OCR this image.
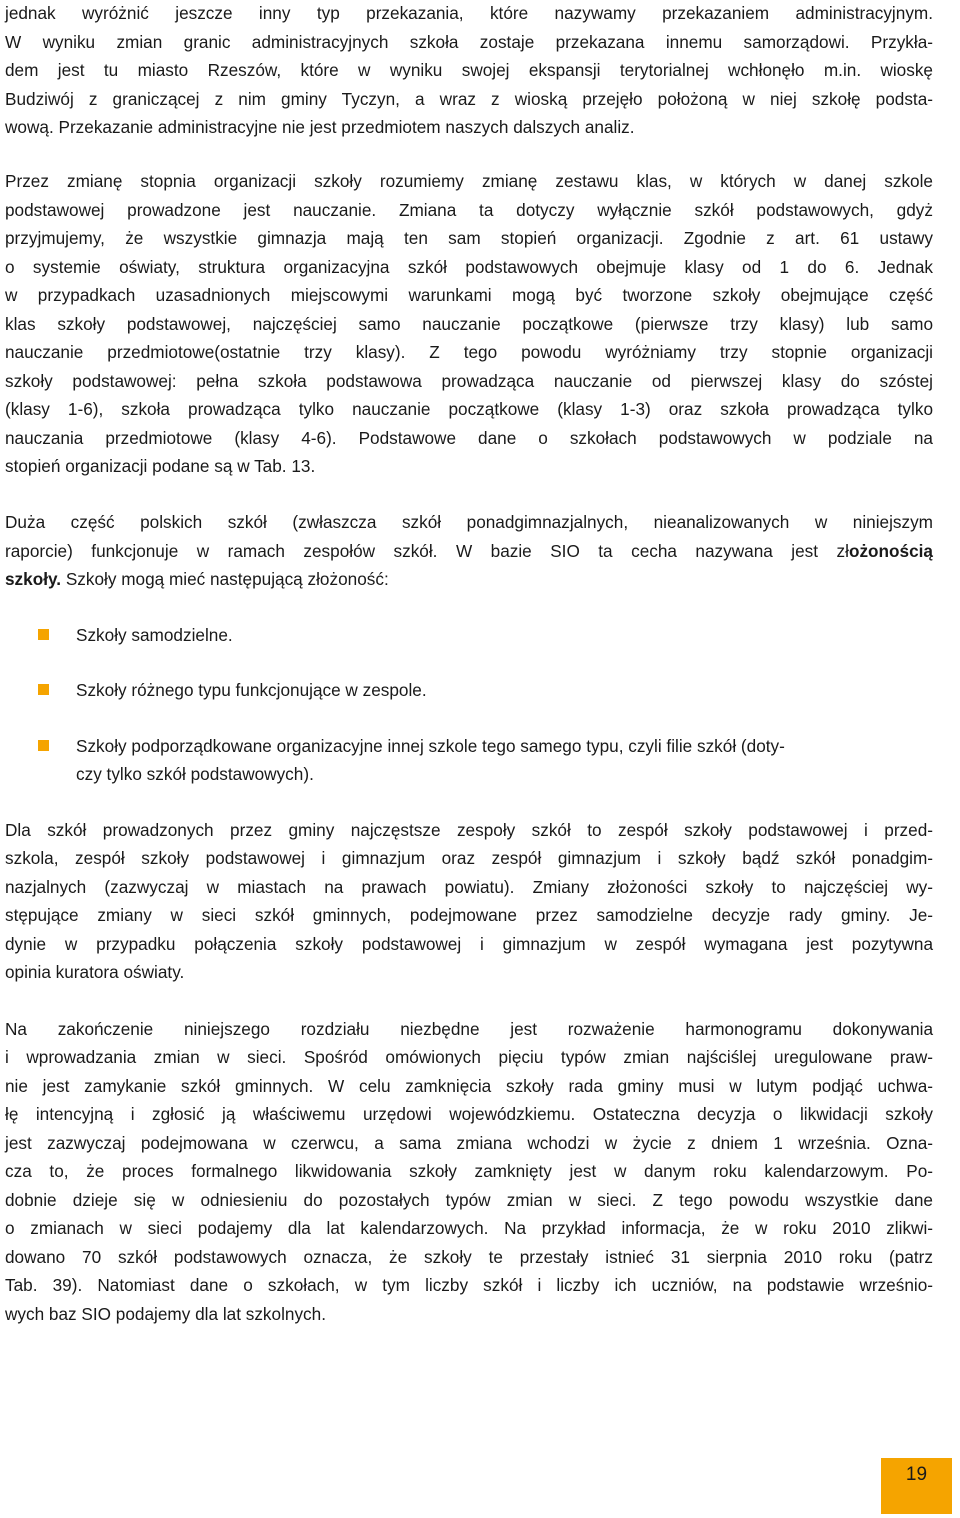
jednak wyróżnić jeszcze inny typ przekazania, które nazywamy przekazaniem administracyjnym.
W wyniku zmian granic administracyjnych szkoła zostaje przekazana innemu samorządowi. Przykła-
dem jest tu miasto Rzeszów, które w wyniku swojej ekspansji terytorialnej wchłonęło m.in. wioskę
Budziwój z graniczącej z nim gminy Tyczyn, a wraz z wioską przejęło położoną w niej szkołę podsta-
wową. Przekazanie administracyjne nie jest przedmiotem naszych dalszych analiz.
Przez zmianę stopnia organizacji szkoły rozumiemy zmianę zestawu klas, w których w danej szkole
podstawowej prowadzone jest nauczanie. Zmiana ta dotyczy wyłącznie szkół podstawowych, gdyż
przyjmujemy, że wszystkie gimnazja mają ten sam stopień organizacji. Zgodnie z art. 61 ustawy
o systemie oświaty, struktura organizacyjna szkół podstawowych obejmuje klasy od 1 do 6. Jednak
w przypadkach uzasadnionych miejscowymi warunkami mogą być tworzone szkoły obejmujące część
klas szkoły podstawowej, najczęściej samo nauczanie początkowe (pierwsze trzy klasy) lub samo
nauczanie przedmiotowe(ostatnie trzy klasy). Z tego powodu wyróżniamy trzy stopnie organizacji
szkoły podstawowej: pełna szkoła podstawowa prowadząca nauczanie od pierwszej klasy do szóstej
(klasy 1-6), szkoła prowadząca tylko nauczanie początkowe (klasy 1-3) oraz szkoła prowadząca tylko
nauczania przedmiotowe (klasy 4-6). Podstawowe dane o szkołach podstawowych w podziale na
stopień organizacji podane są w Tab. 13.
Duża część polskich szkół (zwłaszcza szkół ponadgimnazjalnych, nieanalizowanych w niniejszym
raporcie) funkcjonuje w ramach zespołów szkół. W bazie SIO ta cecha nazywana jest złożonością
szkoły. Szkoły mogą mieć następującą złożoność:
Szkoły samodzielne.
Szkoły różnego typu funkcjonujące w zespole.
Szkoły podporządkowane organizacyjne innej szkole tego samego typu, czyli filie szkół (doty-
czy tylko szkół podstawowych).
Dla szkół prowadzonych przez gminy najczęstsze zespoły szkół to zespół szkoły podstawowej i przed-
szkola, zespół szkoły podstawowej i gimnazjum oraz zespół gimnazjum i szkoły bądź szkół ponadgim-
nazjalnych (zazwyczaj w miastach na prawach powiatu). Zmiany złożoności szkoły to najczęściej wy-
stępujące zmiany w sieci szkół gminnych, podejmowane przez samodzielne decyzje rady gminy. Je-
dynie w przypadku połączenia szkoły podstawowej i gimnazjum w zespół wymagana jest pozytywna
opinia kuratora oświaty.
Na zakończenie niniejszego rozdziału niezbędne jest rozważenie harmonogramu dokonywania
i wprowadzania zmian w sieci. Spośród omówionych pięciu typów zmian najściślej uregulowane praw-
nie jest zamykanie szkół gminnych. W celu zamknięcia szkoły rada gminy musi w lutym podjąć uchwa-
łę intencyjną i zgłosić ją właściwemu urzędowi wojewódzkiemu. Ostateczna decyzja o likwidacji szkoły
jest zazwyczaj podejmowana w czerwcu, a sama zmiana wchodzi w życie z dniem 1 września. Ozna-
cza to, że proces formalnego likwidowania szkoły zamknięty jest w danym roku kalendarzowym. Po-
dobnie dzieje się w odniesieniu do pozostałych typów zmian w sieci. Z tego powodu wszystkie dane
o zmianach w sieci podajemy dla lat kalendarzowych. Na przykład informacja, że w roku 2010 zlikwi-
dowano 70 szkół podstawowych oznacza, że szkoły te przestały istnieć 31 sierpnia 2010 roku (patrz
Tab. 39). Natomiast dane o szkołach, w tym liczby szkół i liczby ich uczniów, na podstawie wrześnio-
wych baz SIO podajemy dla lat szkolnych.
19
